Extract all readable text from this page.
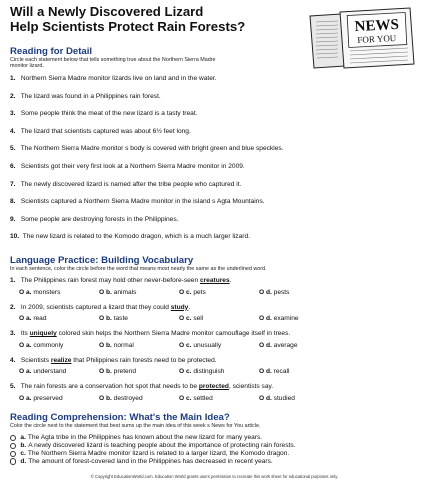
Will a Newly Discovered Lizard
Help Scientists Protect Rain Forests?	NEWS
FOR YOU
Reading for Detail
Circle each statement below that tells something true about the Northern Sierra Madre
monitor lizard.
1. Northern Sierra Madre monitor lizards live on land and in the water.
2. The lizard was found in a Philippines rain forest.
3. Some people think the meat of the new lizard is a tasty treat.
4. The lizard that scientists captured was about 6½ feet long.
5. The Northern Sierra Madre monitor s body is covered with bright green and blue speckles.
6. Scientists got their very first look at a Northern Sierra Madre monitor in 2009.
7. The newly discovered lizard is named after the tribe people who captured it.
8. Scientists captured a Northern Sierra Madre monitor in the island s Agta Mountains.
9. Some people are destroying forests in the Philippines.
10. The new lizard is related to the Komodo dragon, which is a much larger lizard.
Language Practice: Building Vocabulary
In each sentence, color the circle before the word that means most nearly the same as the underlined word.
1. The Philippines rain forest may hold other never-before-seen creatures.
O a. monsters	O b. animals	O c. pets	O d. pests
2. In 2009, scientists captured a lizard that they could study.
O a. read	O b. taste	O c. sell	O d. examine
3. Its uniquely colored skin helps the Northern Sierra Madre monitor camouflage itself in trees.
O a. commonly	O b. normal	O c. unusually	O d. average
4. Scientists realize that Philippines rain forests need to be protected.
O a. understand	O b. pretend	O c. distinguish	O d. recall
5. The rain forests are a conservation hot spot that needs to be protected, scientists say.
O a. preserved	O b. destroyed	O c. settled	O d. studied
Reading Comprehension: What's the Main Idea?
Color the circle next to the statement that best sums up the main idea of this week s News for You article.
a. The Agta tribe in the Philippines has known about the new lizard for many years.
b. A newly discovered lizard is teaching people about the importance of protecting rain forests.
c. The Northern Sierra Madre monitor lizard is related to a larger lizard, the Komodo dragon.
d. The amount of forest-covered land in the Philippines has decreased in recent years.
© Copyright EducationWorld.com. Education World grants users permission to recreate this work sheet for educational purposes only.
